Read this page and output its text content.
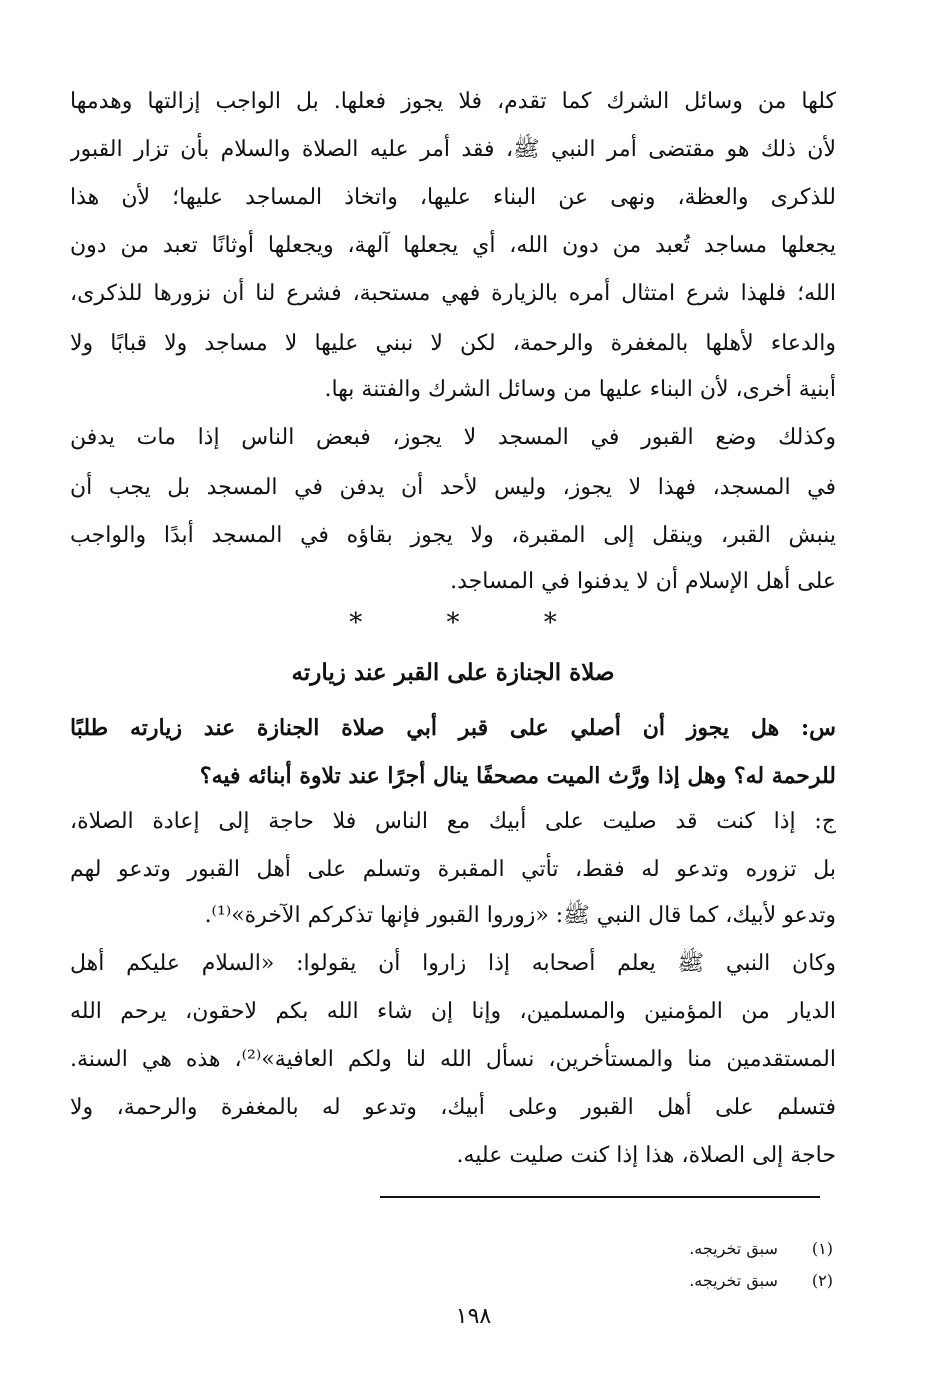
كلها من وسائل الشرك كما تقدم، فلا يجوز فعلها. بل الواجب إزالتها وهدمها
لأن ذلك هو مقتضى أمر النبي ﷺ، فقد أمر عليه الصلاة والسلام بأن تزار القبور
للذكرى والعظة، ونهى عن البناء عليها، واتخاذ المساجد عليها؛ لأن هذا
يجعلها مساجد تُعبد من دون الله، أي يجعلها آلهة، ويجعلها أوثانًا تعبد من دون
الله؛ فلهذا شرع امتثال أمره بالزيارة فهي مستحبة، فشرع لنا أن نزورها للذكرى،
والدعاء لأهلها بالمغفرة والرحمة، لكن لا نبني عليها لا مساجد ولا قبابًا ولا
أبنية أخرى، لأن البناء عليها من وسائل الشرك والفتنة بها.
وكذلك وضع القبور في المسجد لا يجوز، فبعض الناس إذا مات يدفن
في المسجد، فهذا لا يجوز، وليس لأحد أن يدفن في المسجد بل يجب أن
ينبش القبر، وينقل إلى المقبرة، ولا يجوز بقاؤه في المسجد أبدًا والواجب
على أهل الإسلام أن لا يدفنوا في المساجد.
* * *
صلاة الجنازة على القبر عند زيارته
س: هل يجوز أن أصلي على قبر أبي صلاة الجنازة عند زيارته طلبًا
للرحمة له؟ وهل إذا ورَّث الميت مصحفًا ينال أجرًا عند تلاوة أبنائه فيه؟
ج: إذا كنت قد صليت على أبيك مع الناس فلا حاجة إلى إعادة الصلاة،
بل تزوره وتدعو له فقط، تأتي المقبرة وتسلم على أهل القبور وتدعو لهم
وتدعو لأبيك، كما قال النبي ﷺ: «زوروا القبور فإنها تذكركم الآخرة»⁽¹⁾.
وكان النبي ﷺ يعلم أصحابه إذا زاروا أن يقولوا: «السلام عليكم أهل
الديار من المؤمنين والمسلمين، وإنا إن شاء الله بكم لاحقون، يرحم الله
المستقدمين منا والمستأخرين، نسأل الله لنا ولكم العافية»⁽²⁾، هذه هي السنة.
فتسلم على أهل القبور وعلى أبيك، وتدعو له بالمغفرة والرحمة، ولا
حاجة إلى الصلاة، هذا إذا كنت صليت عليه.
(١) سبق تخريجه.
(٢) سبق تخريجه.
١٩٨
